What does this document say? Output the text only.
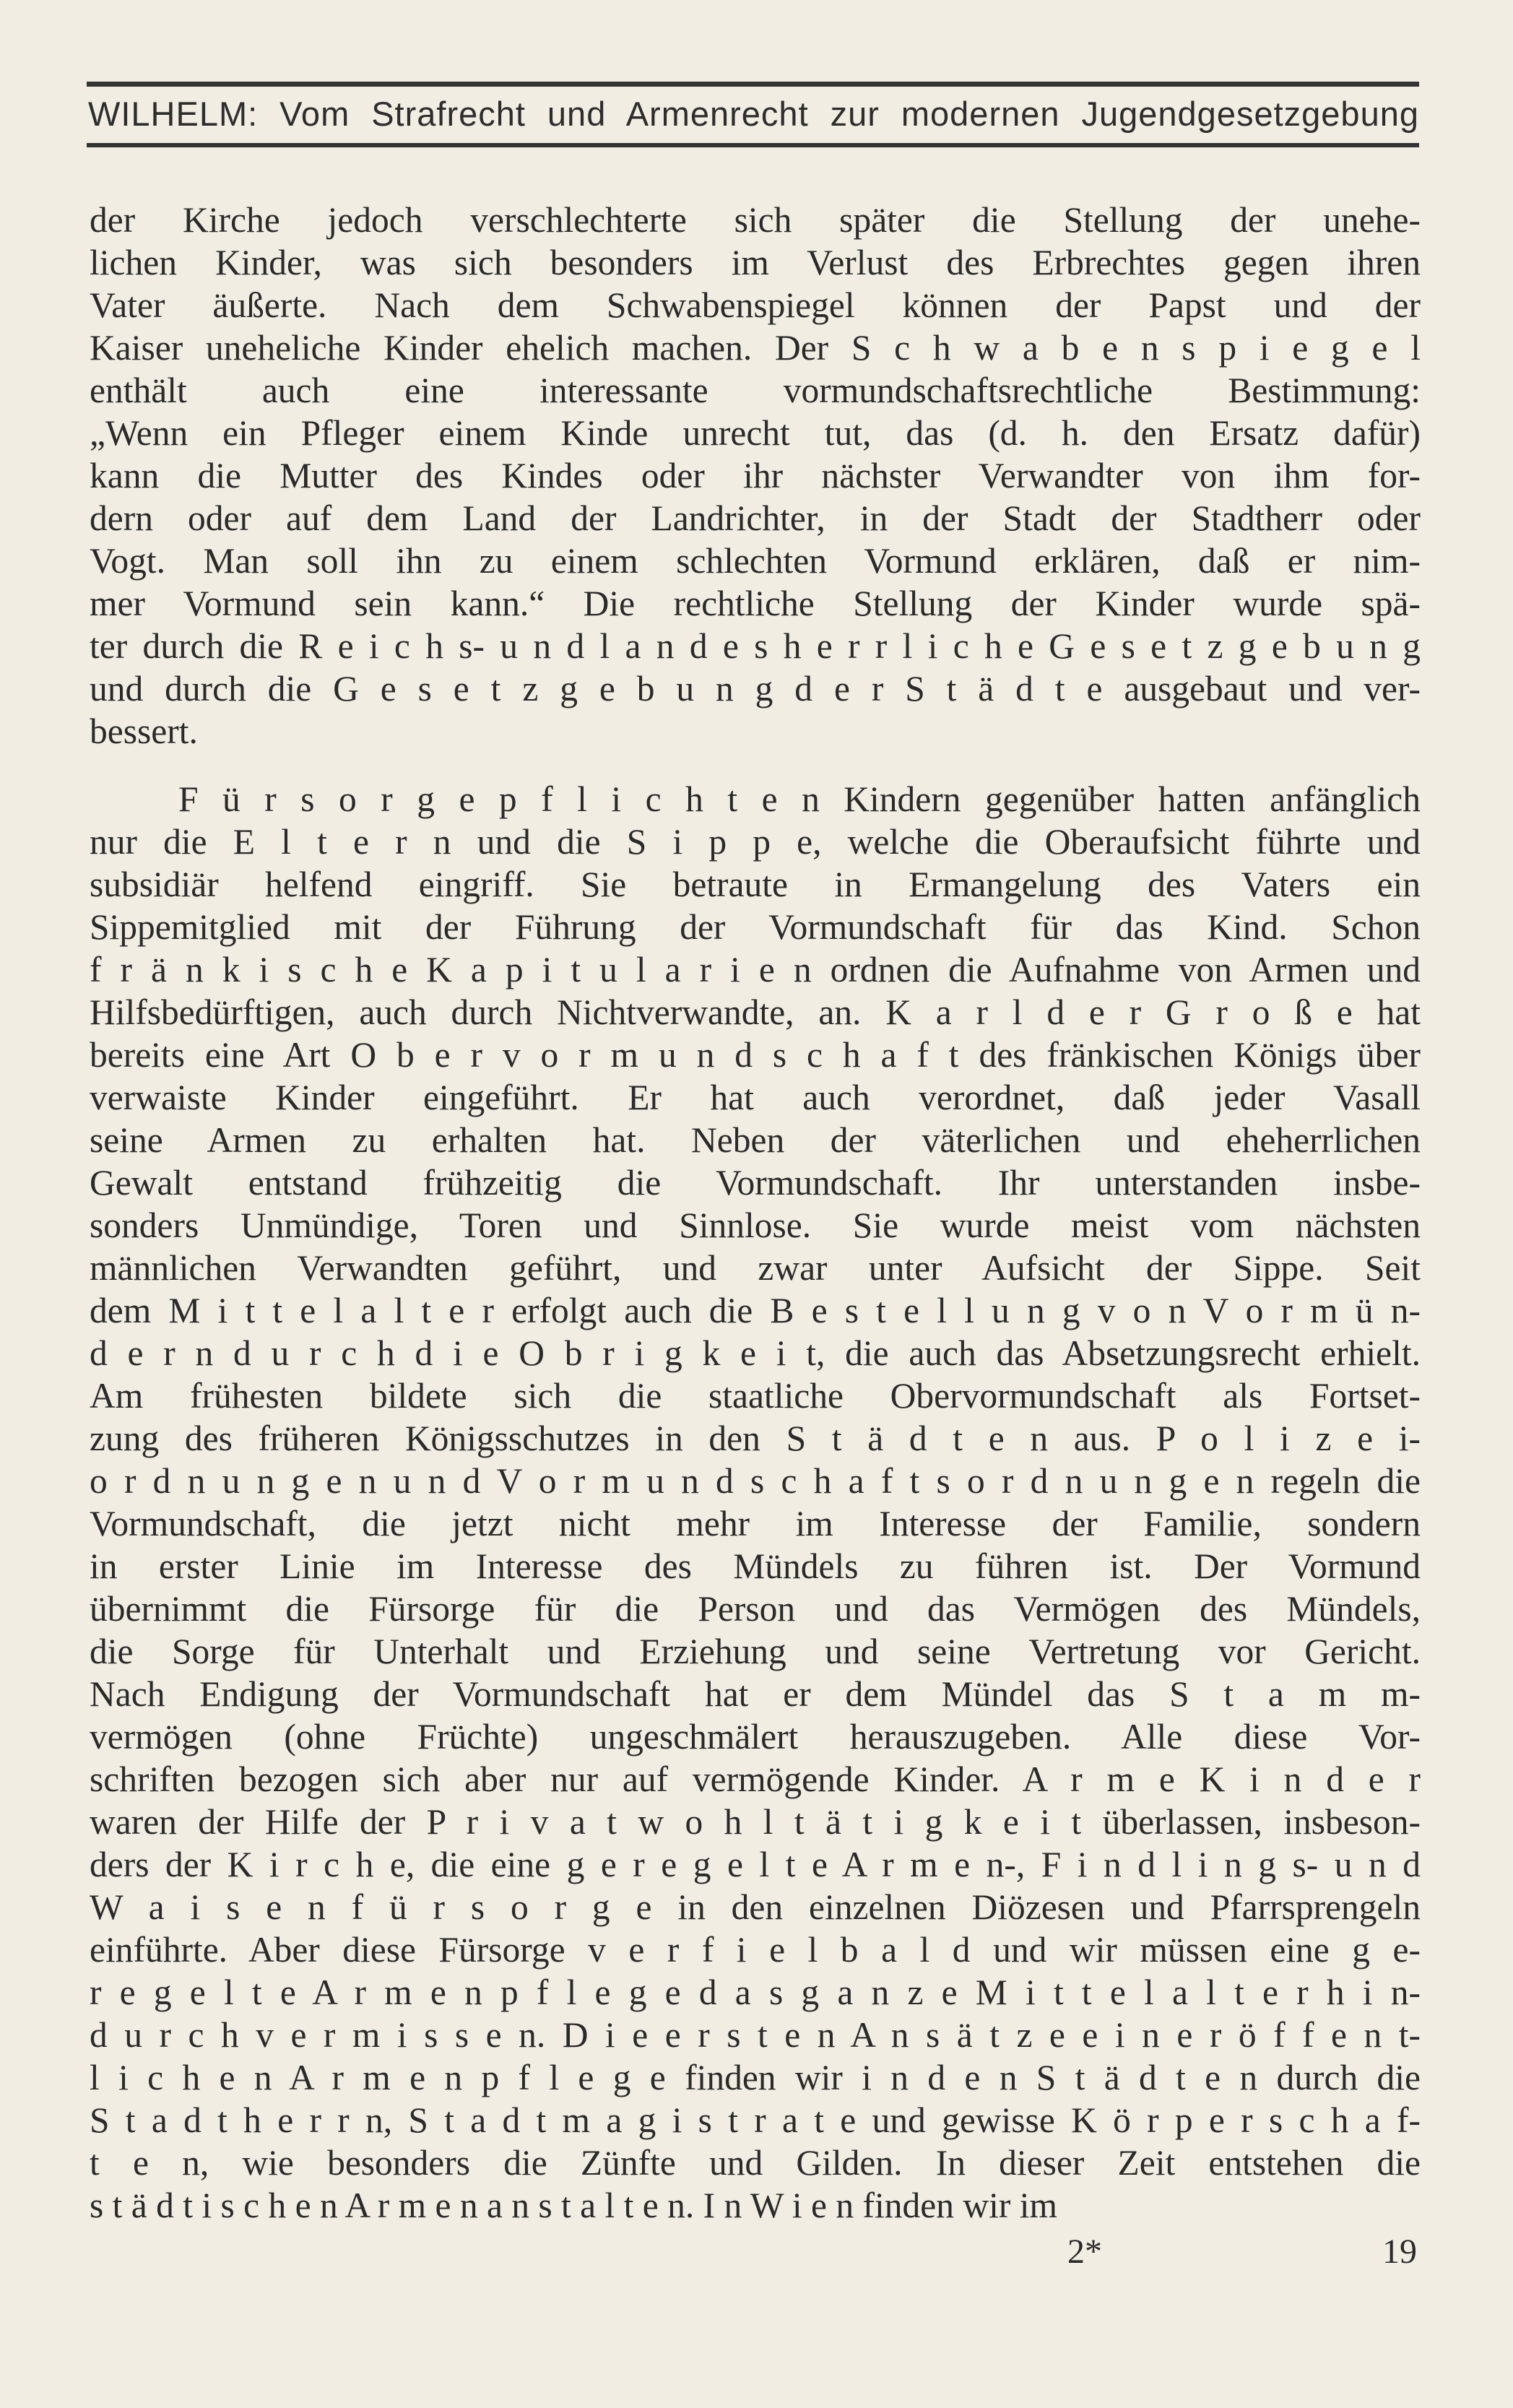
WILHELM: Vom Strafrecht und Armenrecht zur modernen Jugendgesetzgebung
der Kirche jedoch verschlechterte sich später die Stellung der unehe-
lichen Kinder, was sich besonders im Verlust des Erbrechtes gegen ihren
Vater äußerte. Nach dem Schwabenspiegel können der Papst und der
Kaiser uneheliche Kinder ehelich machen. Der S c h w a b e n s p i e g e l
enthält auch eine interessante vormundschaftsrechtliche Bestimmung:
„Wenn ein Pfleger einem Kinde unrecht tut, das (d. h. den Ersatz dafür)
kann die Mutter des Kindes oder ihr nächster Verwandter von ihm for-
dern oder auf dem Land der Landrichter, in der Stadt der Stadtherr oder
Vogt. Man soll ihn zu einem schlechten Vormund erklären, daß er nim-
mer Vormund sein kann.“ Die rechtliche Stellung der Kinder wurde spä-
ter durch die R e i c h s- u n d l a n d e s h e r r l i c h e G e s e t z g e b u n g
und durch die G e s e t z g e b u n g d e r S t ä d t e ausgebaut und ver-
bessert.
F ü r s o r g e p f l i c h t e n Kindern gegenüber hatten anfänglich
nur die E l t e r n und die S i p p e, welche die Oberaufsicht führte und
subsidiär helfend eingriff. Sie betraute in Ermangelung des Vaters ein
Sippemitglied mit der Führung der Vormundschaft für das Kind. Schon
f r ä n k i s c h e K a p i t u l a r i e n ordnen die Aufnahme von Armen und
Hilfsbedürftigen, auch durch Nichtverwandte, an. K a r l d e r G r o ß e hat
bereits eine Art O b e r v o r m u n d s c h a f t des fränkischen Königs über
verwaiste Kinder eingeführt. Er hat auch verordnet, daß jeder Vasall
seine Armen zu erhalten hat. Neben der väterlichen und eheherrlichen
Gewalt entstand frühzeitig die Vormundschaft. Ihr unterstanden insbe-
sonders Unmündige, Toren und Sinnlose. Sie wurde meist vom nächsten
männlichen Verwandten geführt, und zwar unter Aufsicht der Sippe. Seit
dem M i t t e l a l t e r erfolgt auch die B e s t e l l u n g v o n V o r m ü n-
d e r n d u r c h d i e O b r i g k e i t, die auch das Absetzungsrecht erhielt.
Am frühesten bildete sich die staatliche Obervormundschaft als Fortset-
zung des früheren Königsschutzes in den S t ä d t e n aus. P o l i z e i-
o r d n u n g e n u n d V o r m u n d s c h a f t s o r d n u n g e n regeln die
Vormundschaft, die jetzt nicht mehr im Interesse der Familie, sondern
in erster Linie im Interesse des Mündels zu führen ist. Der Vormund
übernimmt die Fürsorge für die Person und das Vermögen des Mündels,
die Sorge für Unterhalt und Erziehung und seine Vertretung vor Gericht.
Nach Endigung der Vormundschaft hat er dem Mündel das S t a m m-
vermögen (ohne Früchte) ungeschmälert herauszugeben. Alle diese Vor-
schriften bezogen sich aber nur auf vermögende Kinder. A r m e K i n d e r
waren der Hilfe der P r i v a t w o h l t ä t i g k e i t überlassen, insbeson-
ders der K i r c h e, die eine g e r e g e l t e A r m e n-, F i n d l i n g s- u n d
W a i s e n f ü r s o r g e in den einzelnen Diözesen und Pfarrsprengeln
einführte. Aber diese Fürsorge v e r f i e l b a l d und wir müssen eine g e-
r e g e l t e A r m e n p f l e g e d a s g a n z e M i t t e l a l t e r h i n-
d u r c h v e r m i s s e n. D i e e r s t e n A n s ä t z e e i n e r ö f f e n t-
l i c h e n A r m e n p f l e g e finden wir i n d e n S t ä d t e n durch die
S t a d t h e r r n, S t a d t m a g i s t r a t e und gewisse K ö r p e r s c h a f-
t e n, wie besonders die Zünfte und Gilden. In dieser Zeit entstehen die
s t ä d t i s c h e n A r m e n a n s t a l t e n. I n W i e n finden wir im
2*	19
